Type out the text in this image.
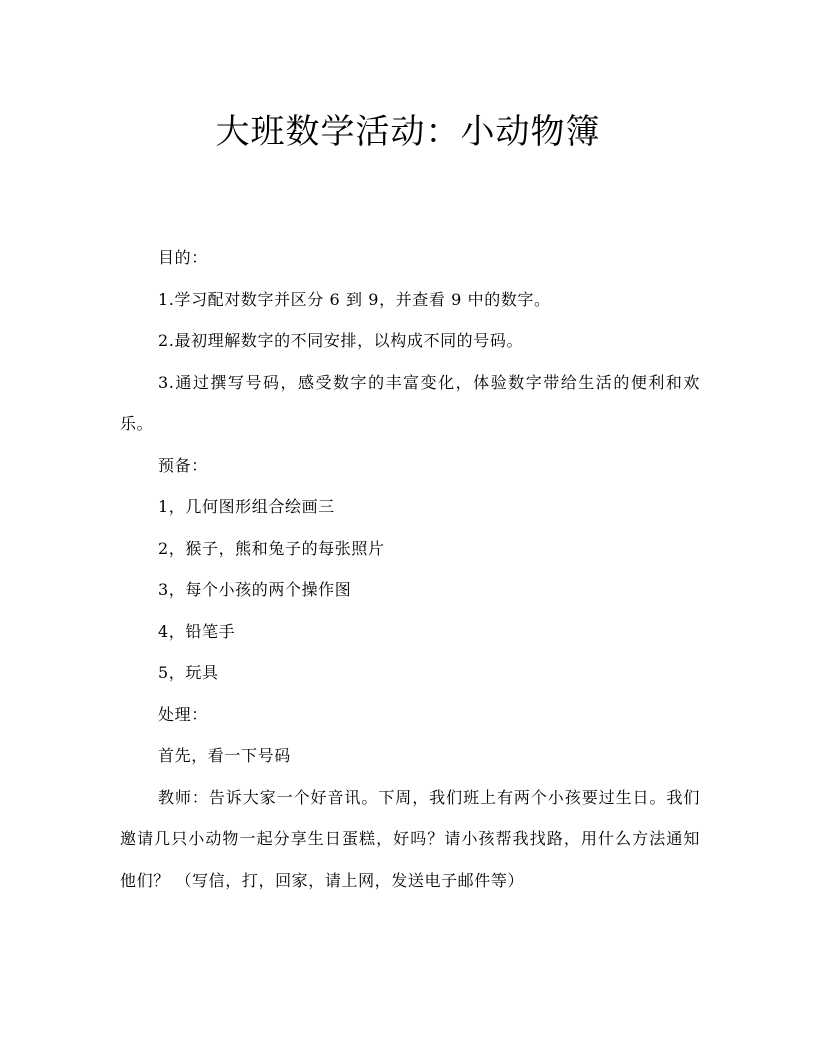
大班数学活动：小动物簿

目的：

1.学习配对数字并区分 6 到 9，并查看 9 中的数字。

2.最初理解数字的不同安排，以构成不同的号码。

3.通过撰写号码，感受数字的丰富变化，体验数字带给生活的便利和欢乐。

预备：

1，几何图形组合绘画三

2，猴子，熊和兔子的每张照片

3，每个小孩的两个操作图

4，铅笔手

5，玩具

处理：

首先，看一下号码

教师：告诉大家一个好音讯。下周，我们班上有两个小孩要过生日。我们邀请几只小动物一起分享生日蛋糕，好吗？请小孩帮我找路，用什么方法通知他们？ （写信，打，回家，请上网，发送电子邮件等）
